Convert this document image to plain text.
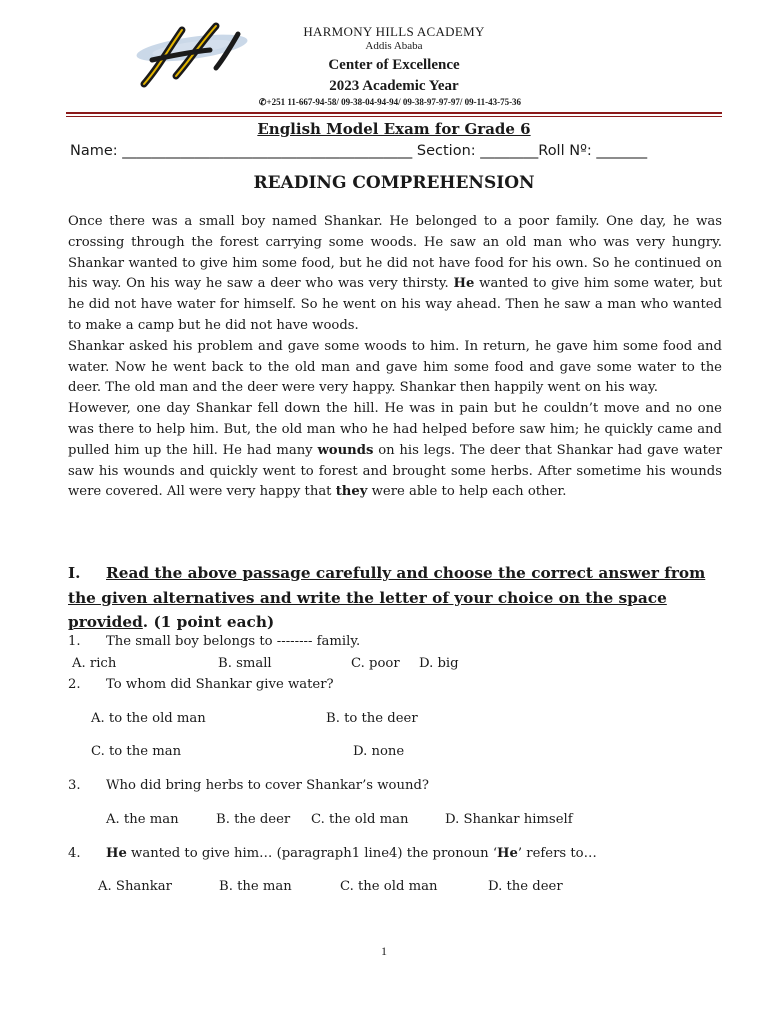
HARMONY HILLS ACADEMY
Addis Ababa
Center of Excellence
2023 Academic Year
✆+251 11-667-94-58/ 09-38-04-94-94/ 09-38-97-97-97/ 09-11-43-75-36
English Model Exam for Grade 6
Name: ________________________________________ Section: ________Roll Nº: _______
READING COMPREHENSION

Once there was a small boy named Shankar. He belonged to a poor family. One day, he was crossing through the forest carrying some woods. He saw an old man who was very hungry. Shankar wanted to give him some food, but he did not have food for his own. So he continued on his way. On his way he saw a deer who was very thirsty. He wanted to give him some water, but he did not have water for himself. So he went on his way ahead. Then he saw a man who wanted to make a camp but he did not have woods.

Shankar asked his problem and gave some woods to him. In return, he gave him some food and water. Now he went back to the old man and gave him some food and gave some water to the deer. The old man and the deer were very happy. Shankar then happily went on his way.

However, one day Shankar fell down the hill. He was in pain but he couldn’t move and no one was there to help him. But, the old man who he had helped before saw him; he quickly came and pulled him up the hill. He had many wounds on his legs. The deer that Shankar had gave water saw his wounds and quickly went to forest and brought some herbs. After sometime his wounds were covered. All were very happy that they were able to help each other.

I. Read the above passage carefully and choose the correct answer from the given alternatives and write the letter of your choice on the space provided. (1 point each)
1. The small boy belongs to -------- family.
A. rich	B. small	C. poor D. big
2. To whom did Shankar give water?
A. to the old man	B. to the deer
C. to the man	D. none
3. Who did bring herbs to cover Shankar’s wound?
A. the man	B. the deer C. the old man	D. Shankar himself
4. He wanted to give him… (paragraph1 line4) the pronoun ‘He’ refers to…
A. Shankar	B. the man	C. the old man	D. the deer
1
